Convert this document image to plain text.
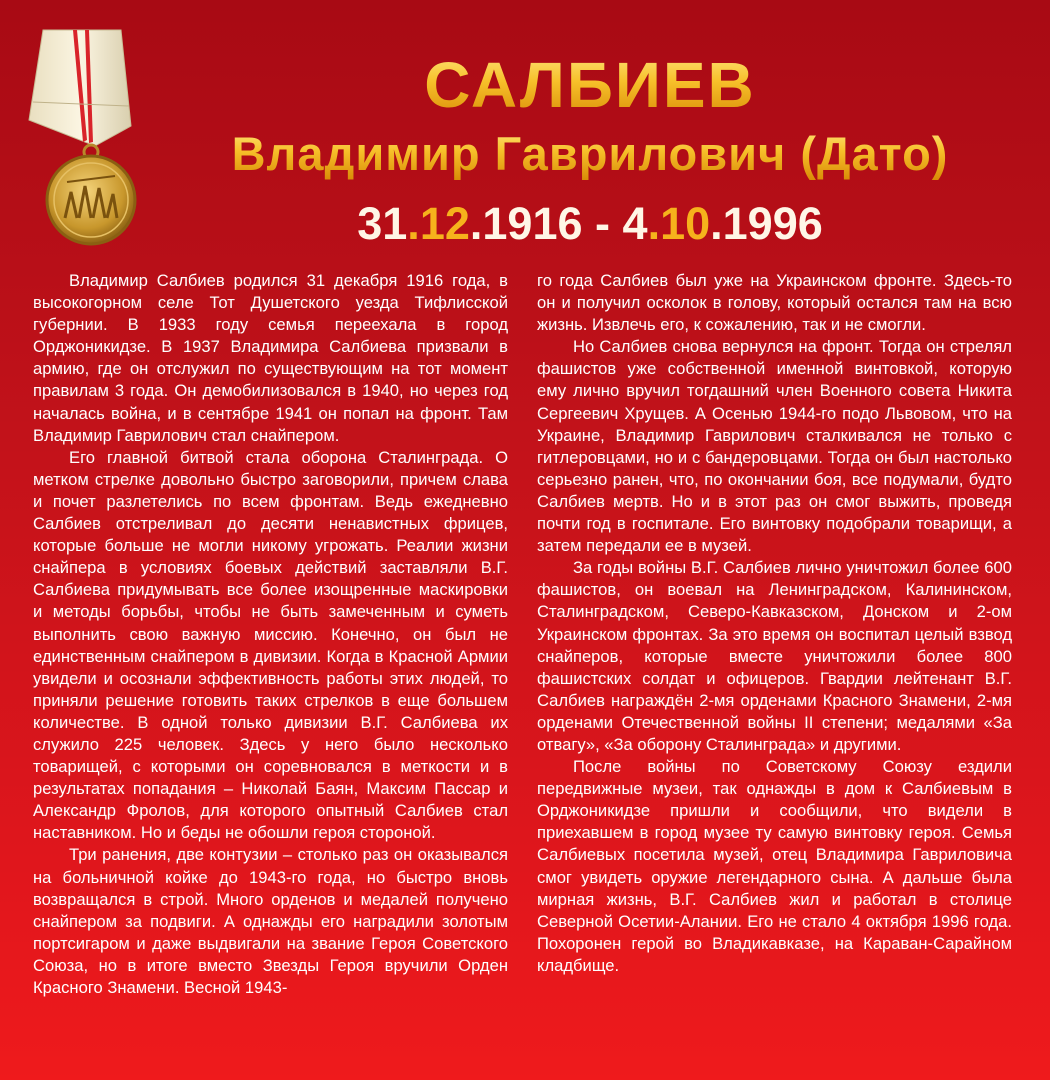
САЛБИЕВ
Владимир Гаврилович (Дато)
31.12.1916 - 4.10.1996

Владимир Салбиев родился 31 декабря 1916 года, в высокогорном селе Тот Душетского уезда Тифлисской губернии. В 1933 году семья переехала в город Орджоникидзе. В 1937 Владимира Салбиева призвали в армию, где он отслужил по существующим на тот момент правилам 3 года. Он демобилизовался в 1940, но через год началась война, и в сентябре 1941 он попал на фронт. Там Владимир Гаврилович стал снайпером.

Его главной битвой стала оборона Сталинграда. О метком стрелке довольно быстро заговорили, причем слава и почет разлетелись по всем фронтам. Ведь ежедневно Салбиев отстреливал до десяти ненавистных фрицев, которые больше не могли никому угрожать. Реалии жизни снайпера в условиях боевых действий заставляли В.Г. Салбиева придумывать все более изощренные маскировки и методы борьбы, чтобы не быть замеченным и суметь выполнить свою важную миссию. Конечно, он был не единственным снайпером в дивизии. Когда в Красной Армии увидели и осознали эффективность работы этих людей, то приняли решение готовить таких стрелков в еще большем количестве. В одной только дивизии В.Г. Салбиева их служило 225 человек. Здесь у него было несколько товарищей, с которыми он соревновался в меткости и в результатах попадания – Николай Баян, Максим Пассар и Александр Фролов, для которого опытный Салбиев стал наставником. Но и беды не обошли героя стороной.

Три ранения, две контузии – столько раз он оказывался на больничной койке до 1943-го года, но быстро вновь возвращался в строй. Много орденов и медалей получено снайпером за подвиги. А однажды его наградили золотым портсигаром и даже выдвигали на звание Героя Советского Союза, но в итоге вместо Звезды Героя вручили Орден Красного Знамени. Весной 1943-

го года Салбиев был уже на Украинском фронте. Здесь-то он и получил осколок в голову, который остался там на всю жизнь. Извлечь его, к сожалению, так и не смогли.

Но Салбиев снова вернулся на фронт. Тогда он стрелял фашистов уже собственной именной винтовкой, которую ему лично вручил тогдашний член Военного совета Никита Сергеевич Хрущев. А Осенью 1944-го подо Львовом, что на Украине, Владимир Гаврилович сталкивался не только с гитлеровцами, но и с бандеровцами. Тогда он был настолько серьезно ранен, что, по окончании боя, все подумали, будто Салбиев мертв. Но и в этот раз он смог выжить, проведя почти год в госпитале. Его винтовку подобрали товарищи, а затем передали ее в музей.

За годы войны В.Г. Салбиев лично уничтожил более 600 фашистов, он воевал на Ленинградском, Калининском, Сталинградском, Северо-Кавказском, Донском и 2-ом Украинском фронтах. За это время он воспитал целый взвод снайперов, которые вместе уничтожили более 800 фашистских солдат и офицеров. Гвардии лейтенант В.Г. Салбиев награждён 2-мя орденами Красного Знамени, 2-мя орденами Отечественной войны II степени; медалями «За отвагу», «За оборону Сталинграда» и другими.

После войны по Советскому Союзу ездили передвижные музеи, так однажды в дом к Салбиевым в Орджоникидзе пришли и сообщили, что видели в приехавшем в город музее ту самую винтовку героя. Семья Салбиевых посетила музей, отец Владимира Гавриловича смог увидеть оружие легендарного сына. А дальше была мирная жизнь, В.Г. Салбиев жил и работал в столице Северной Осетии-Алании. Его не стало 4 октября 1996 года. Похоронен герой во Владикавказе, на Караван-Сарайном кладбище.
